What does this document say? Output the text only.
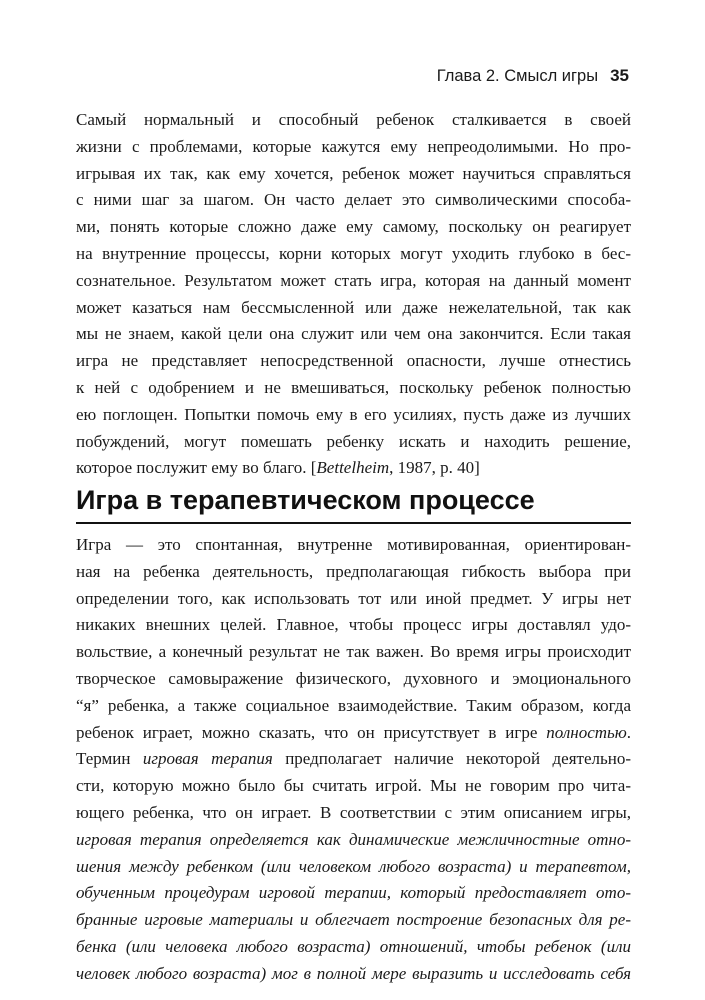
Глава 2. Смысл игры 35
Самый нормальный и способный ребенок сталкивается в своей
жизни с проблемами, которые кажутся ему непреодолимыми. Но про-
игрывая их так, как ему хочется, ребенок может научиться справляться
с ними шаг за шагом. Он часто делает это символическими способа-
ми, понять которые сложно даже ему самому, поскольку он реагирует
на внутренние процессы, корни которых могут уходить глубоко в бес-
сознательное. Результатом может стать игра, которая на данный момент
может казаться нам бессмысленной или даже нежелательной, так как
мы не знаем, какой цели она служит или чем она закончится. Если такая
игра не представляет непосредственной опасности, лучше отнестись
к ней с одобрением и не вмешиваться, поскольку ребенок полностью
ею поглощен. Попытки помочь ему в его усилиях, пусть даже из лучших
побуждений, могут помешать ребенку искать и находить решение,
которое послужит ему во благо. [Bettelheim, 1987, p. 40]
Игра в терапевтическом процессе
Игра — это спонтанная, внутренне мотивированная, ориентирован-
ная на ребенка деятельность, предполагающая гибкость выбора при
определении того, как использовать тот или иной предмет. У игры нет
никаких внешних целей. Главное, чтобы процесс игры доставлял удо-
вольствие, а конечный результат не так важен. Во время игры происходит
творческое самовыражение физического, духовного и эмоционального
“я” ребенка, а также социальное взаимодействие. Таким образом, когда
ребенок играет, можно сказать, что он присутствует в игре полностью.
Термин игровая терапия предполагает наличие некоторой деятельно-
сти, которую можно было бы считать игрой. Мы не говорим про чита-
ющего ребенка, что он играет. В соответствии с этим описанием игры,
игровая терапия определяется как динамические межличностные отно-
шения между ребенком (или человеком любого возраста) и терапевтом,
обученным процедурам игровой терапии, который предоставляет ото-
бранные игровые материалы и облегчает построение безопасных для ре-
бенка (или человека любого возраста) отношений, чтобы ребенок (или
человек любого возраста) мог в полной мере выразить и исследовать себя
